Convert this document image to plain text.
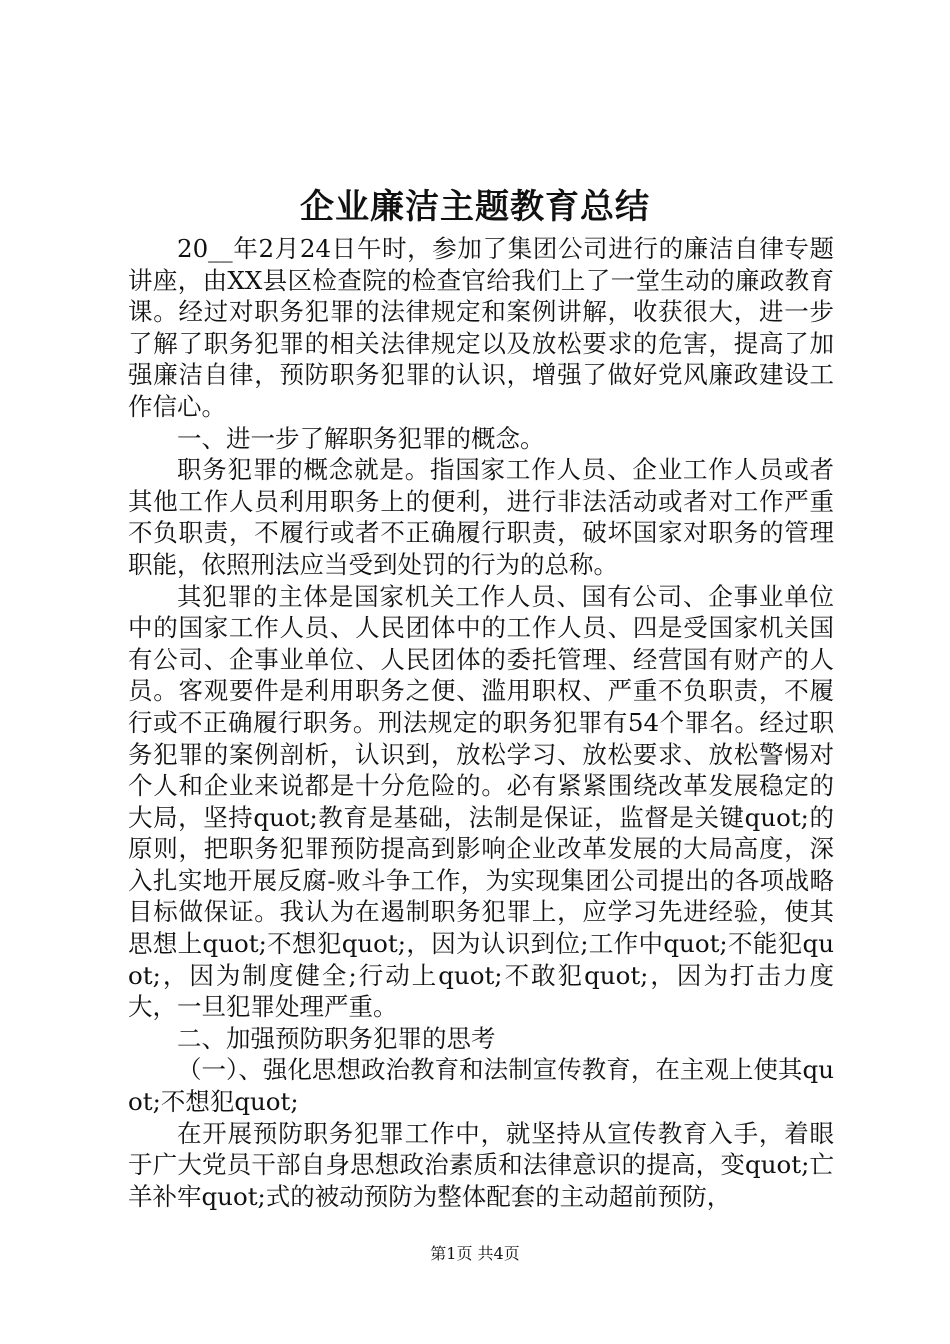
企业廉洁主题教育总结

20__年2月24日午时，参加了集团公司进行的廉洁自律专题讲座，由XX县区检查院的检查官给我们上了一堂生动的廉政教育课。经过对职务犯罪的法律规定和案例讲解，收获很大，进一步了解了职务犯罪的相关法律规定以及放松要求的危害，提高了加强廉洁自律，预防职务犯罪的认识，增强了做好党风廉政建设工作信心。

一、进一步了解职务犯罪的概念。

职务犯罪的概念就是。指国家工作人员、企业工作人员或者其他工作人员利用职务上的便利，进行非法活动或者对工作严重不负职责，不履行或者不正确履行职责，破坏国家对职务的管理职能，依照刑法应当受到处罚的行为的总称。

其犯罪的主体是国家机关工作人员、国有公司、企事业单位中的国家工作人员、人民团体中的工作人员、四是受国家机关国有公司、企事业单位、人民团体的委托管理、经营国有财产的人员。客观要件是利用职务之便、滥用职权、严重不负职责，不履行或不正确履行职务。刑法规定的职务犯罪有54个罪名。经过职务犯罪的案例剖析，认识到，放松学习、放松要求、放松警惕对个人和企业来说都是十分危险的。必有紧紧围绕改革发展稳定的大局，坚持quot;教育是基础，法制是保证，监督是关键quot;的原则，把职务犯罪预防提高到影响企业改革发展的大局高度，深入扎实地开展反腐-败斗争工作，为实现集团公司提出的各项战略目标做保证。我认为在遏制职务犯罪上，应学习先进经验，使其思想上quot;不想犯quot;，因为认识到位;工作中quot;不能犯quot;，因为制度健全;行动上quot;不敢犯quot;，因为打击力度大，一旦犯罪处理严重。

二、加强预防职务犯罪的思考

（一）、强化思想政治教育和法制宣传教育，在主观上使其quot;不想犯quot;

在开展预防职务犯罪工作中，就坚持从宣传教育入手，着眼于广大党员干部自身思想政治素质和法律意识的提高，变quot;亡羊补牢quot;式的被动预防为整体配套的主动超前预防，

第1页 共4页
